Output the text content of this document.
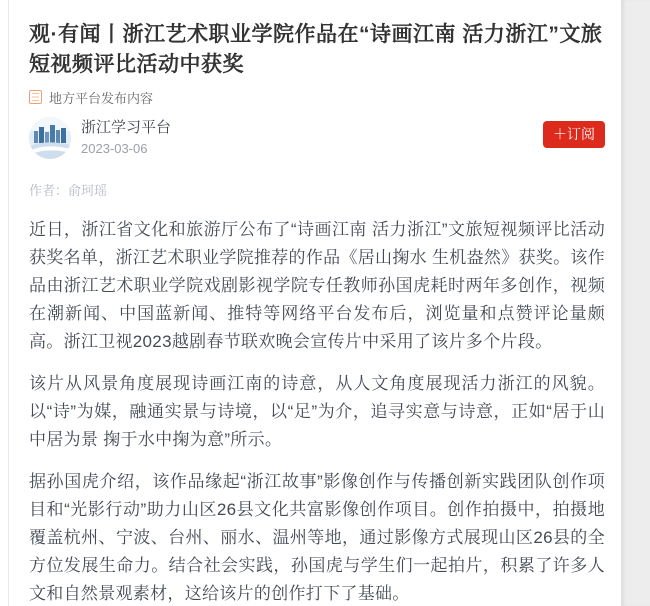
观·有闻丨浙江艺术职业学院作品在“诗画江南 活力浙江”文旅短视频评比活动中获奖
地方平台发布内容
浙江学习平台
2023-03-06
＋订阅
作者：俞珂瑶

近日，浙江省文化和旅游厅公布了“诗画江南 活力浙江”文旅短视频评比活动获奖名单，浙江艺术职业学院推荐的作品《居山掬水 生机盎然》获奖。该作品由浙江艺术职业学院戏剧影视学院专任教师孙国虎耗时两年多创作，视频在潮新闻、中国蓝新闻、推特等网络平台发布后，浏览量和点赞评论量颇高。浙江卫视2023越剧春节联欢晚会宣传片中采用了该片多个片段。

该片从风景角度展现诗画江南的诗意，从人文角度展现活力浙江的风貌。以“诗”为媒，融通实景与诗境，以“足”为介，追寻实意与诗意，正如“居于山中居为景 掬于水中掬为意”所示。

据孙国虎介绍，该作品缘起“浙江故事”影像创作与传播创新实践团队创作项目和“光影行动”助力山区26县文化共富影像创作项目。创作拍摄中，拍摄地覆盖杭州、宁波、台州、丽水、温州等地，通过影像方式展现山区26县的全方位发展生命力。结合社会实践，孙国虎与学生们一起拍片，积累了许多人文和自然景观素材，这给该片的创作打下了基础。
